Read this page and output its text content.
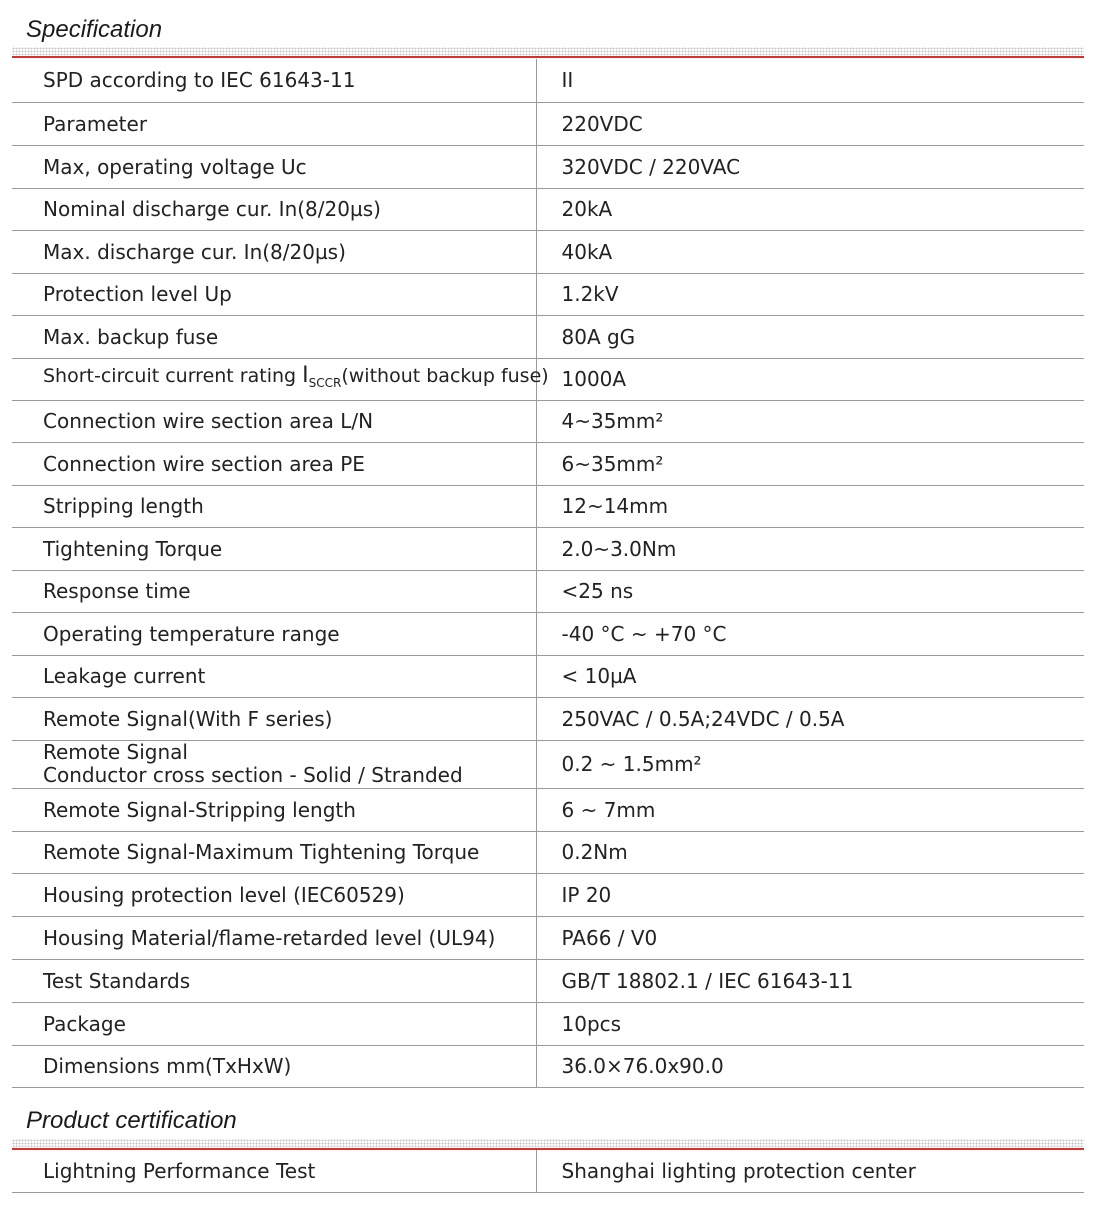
Specification
SPD according to IEC 61643-11	II
Parameter	220VDC
Max, operating voltage Uc	320VDC / 220VAC
Nominal discharge cur. In(8/20µs)	20kA
Max. discharge cur. In(8/20µs)	40kA
Protection level Up	1.2kV
Max. backup fuse	80A gG
Short-circuit current rating $I_{SCCR}(without$ backup fuse)	1000A
Connection wire section area L/N	4~35mm²
Connection wire section area PE	6~35mm²
Stripping length	12~14mm
Tightening Torque	2.0~3.0Nm
Response time	<25 ns
Operating temperature range	-40 °C ~ +70 °C
Leakage current	< 10µA
Remote Signal(With F series)	250VAC / 0.5A;24VDC / 0.5A

Remote Signal
Conductor cross section - Solid / Stranded	0.2 ~ 1.5mm²
Remote Signal-Stripping length	6 ~ 7mm
Remote Signal-Maximum Tightening Torque	0.2Nm
Housing protection level (IEC60529)	IP 20
Housing Material/flame-retarded level (UL94)	PA66 / V0
Test Standards	GB/T 18802.1 / IEC 61643-11
Package	10pcs
Dimensions mm(TxHxW)	36.0×76.0x90.0
Product certification
Lightning Performance Test	Shanghai lighting protection center
